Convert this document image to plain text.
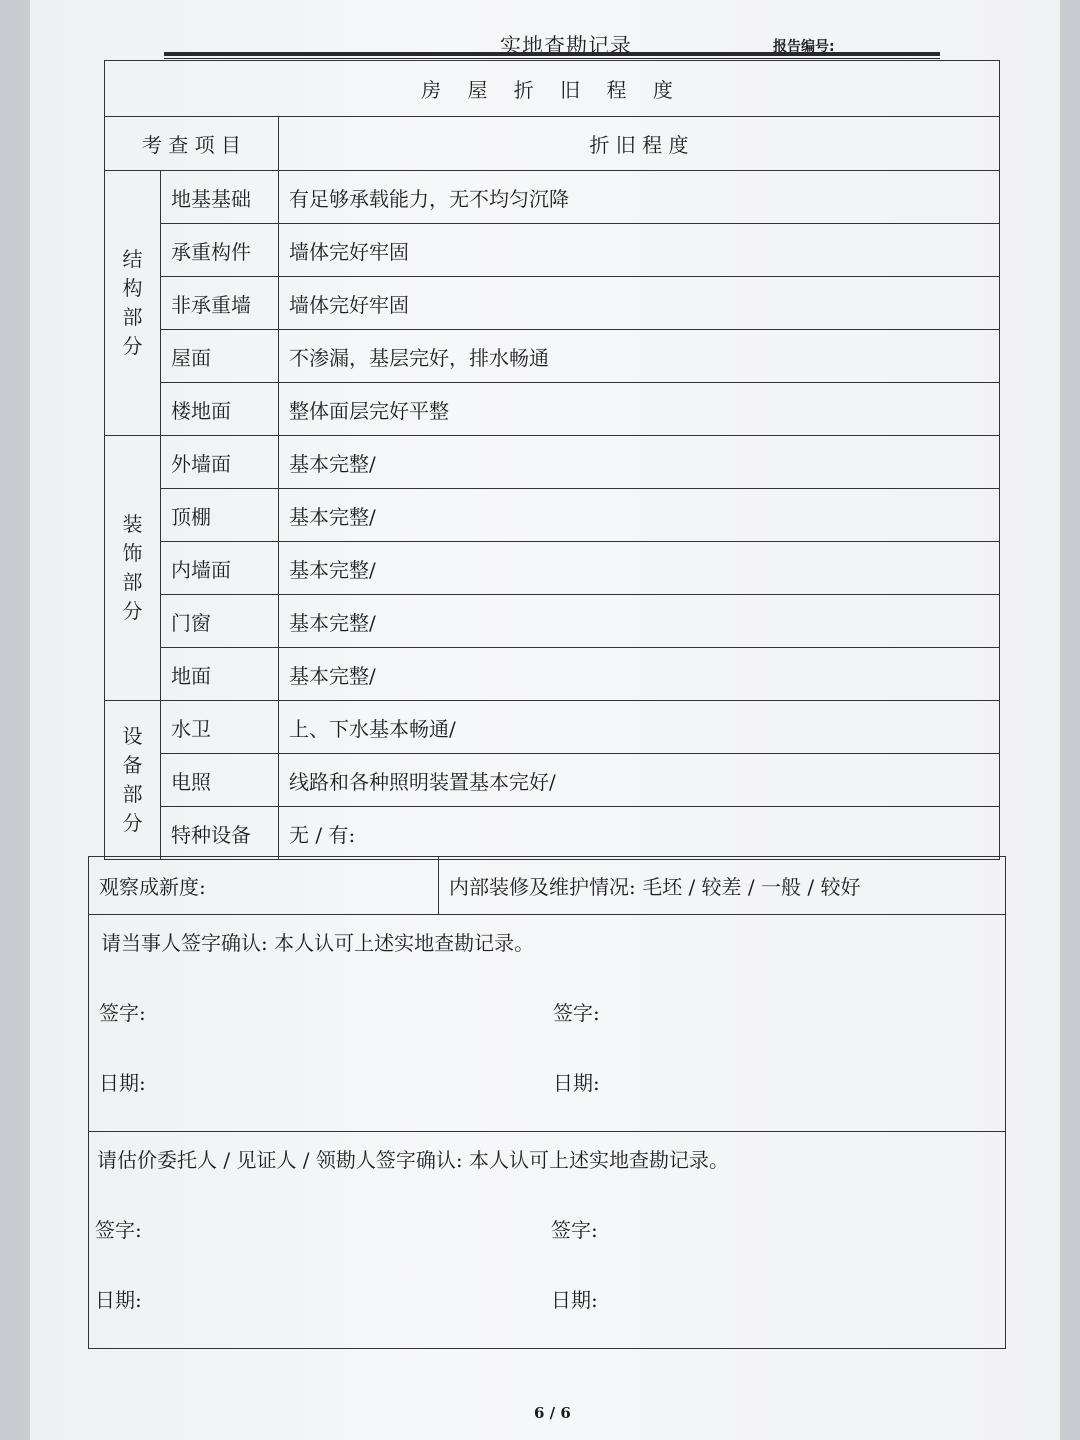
实地查勘记录	报告编号:
房 屋 折 旧 程 度		
考 查 项 目		折 旧 程 度
结
构
部
分	地基基础	有足够承载能力，无不均匀沉降
	承重构件	墙体完好牢固
	非承重墙	墙体完好牢固
	屋面	不渗漏，基层完好，排水畅通
	楼地面	整体面层完好平整
装
饰
部
分	外墙面	基本完整/
	顶棚	基本完整/
	内墙面	基本完整/
	门窗	基本完整/
	地面	基本完整/
设
备
部
分	水卫	上、下水基本畅通/
	电照	线路和各种照明装置基本完好/
	特种设备	无 / 有:
观察成新度:	内部装修及维护情况: 毛坯 / 较差 / 一般 / 较好

请当事人签字确认: 本人认可上述实地查勘记录。
签字:	签字:
日期:	日期:

请估价委托人 / 见证人 / 领勘人签字确认: 本人认可上述实地查勘记录。
签字:	签字:
日期:	日期:
6 / 6
